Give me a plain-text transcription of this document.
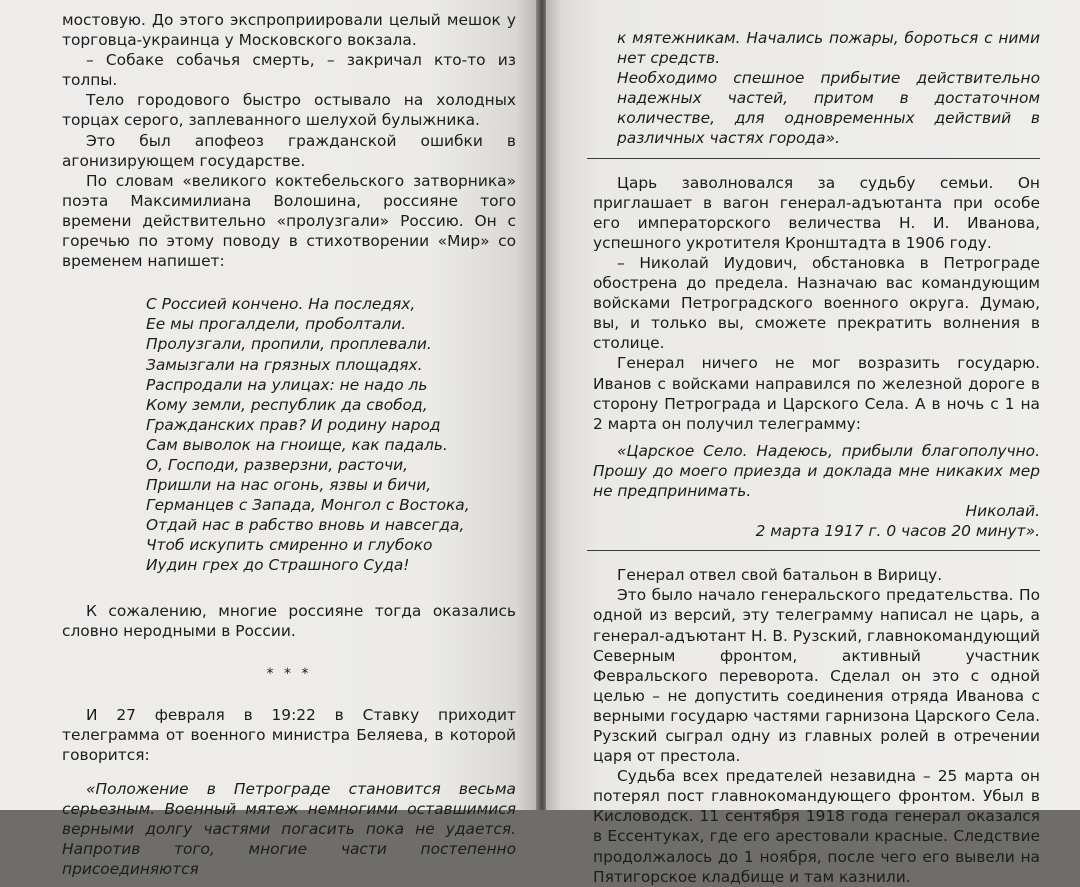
мостовую. До этого экспроприировали целый мешок у торговца-украинца у Московского вокзала.

– Собаке собачья смерть, – закричал кто-то из толпы.

Тело городового быстро остывало на холодных торцах серого, заплеванного шелухой булыжника.

Это был апофеоз гражданской ошибки в агонизирующем государстве.

По словам «великого коктебельского затворника» поэта Максимилиана Волошина, россияне того времени действительно «пролузгали» Россию. Он с горечью по этому поводу в стихотворении «Мир» со временем напишет:

С Россией кончено. На последях,
Ее мы прогалдели, проболтали.
Пролузгали, пропили, проплевали.
Замызгали на грязных площадях.
Распродали на улицах: не надо ль
Кому земли, республик да свобод,
Гражданских прав? И родину народ
Сам выволок на гноище, как падаль.
О, Господи, разверзни, расточи,
Пришли на нас огонь, язвы и бичи,
Германцев с Запада, Монгол с Востока,
Отдай нас в рабство вновь и навсегда,
Чтоб искупить смиренно и глубоко
Иудин грех до Страшного Суда!

К сожалению, многие россияне тогда оказались словно неродными в России.

* * *

И 27 февраля в 19:22 в Ставку приходит телеграмма от военного министра Беляева, в которой говорится:

«Положение в Петрограде становится весьма серьезным. Военный мятеж немногими оставшимися верными долгу частями погасить пока не удается. Напротив того, многие части постепенно присоединяются

к мятежникам. Начались пожары, бороться с ними нет средств.

Необходимо спешное прибытие действительно надежных частей, притом в достаточном количестве, для одновременных действий в различных частях города».

Царь заволновался за судьбу семьи. Он приглашает в вагон генерал-адъютанта при особе его императорского величества Н. И. Иванова, успешного укротителя Кронштадта в 1906 году.

– Николай Иудович, обстановка в Петрограде обострена до предела. Назначаю вас командующим войсками Петроградского военного округа. Думаю, вы, и только вы, сможете прекратить волнения в столице.

Генерал ничего не мог возразить государю. Иванов с войсками направился по железной дороге в сторону Петрограда и Царского Села. А в ночь с 1 на 2 марта он получил телеграмму:

«Царское Село. Надеюсь, прибыли благополучно. Прошу до моего приезда и доклада мне никаких мер не предпринимать.

Николай.
2 марта 1917 г. 0 часов 20 минут».

Генерал отвел свой батальон в Вирицу.

Это было начало генеральского предательства. По одной из версий, эту телеграмму написал не царь, а генерал-адъютант Н. В. Рузский, главнокомандующий Северным фронтом, активный участник Февральского переворота. Сделал он это с одной целью – не допустить соединения отряда Иванова с верными государю частями гарнизона Царского Села. Рузский сыграл одну из главных ролей в отречении царя от престола.

Судьба всех предателей незавидна – 25 марта он потерял пост главнокомандующего фронтом. Убыл в Кисловодск. 11 сентября 1918 года генерал оказался в Ессентуках, где его арестовали красные. Следствие продолжалось до 1 ноября, после чего его вывели на Пятигорское кладбище и там казнили.
